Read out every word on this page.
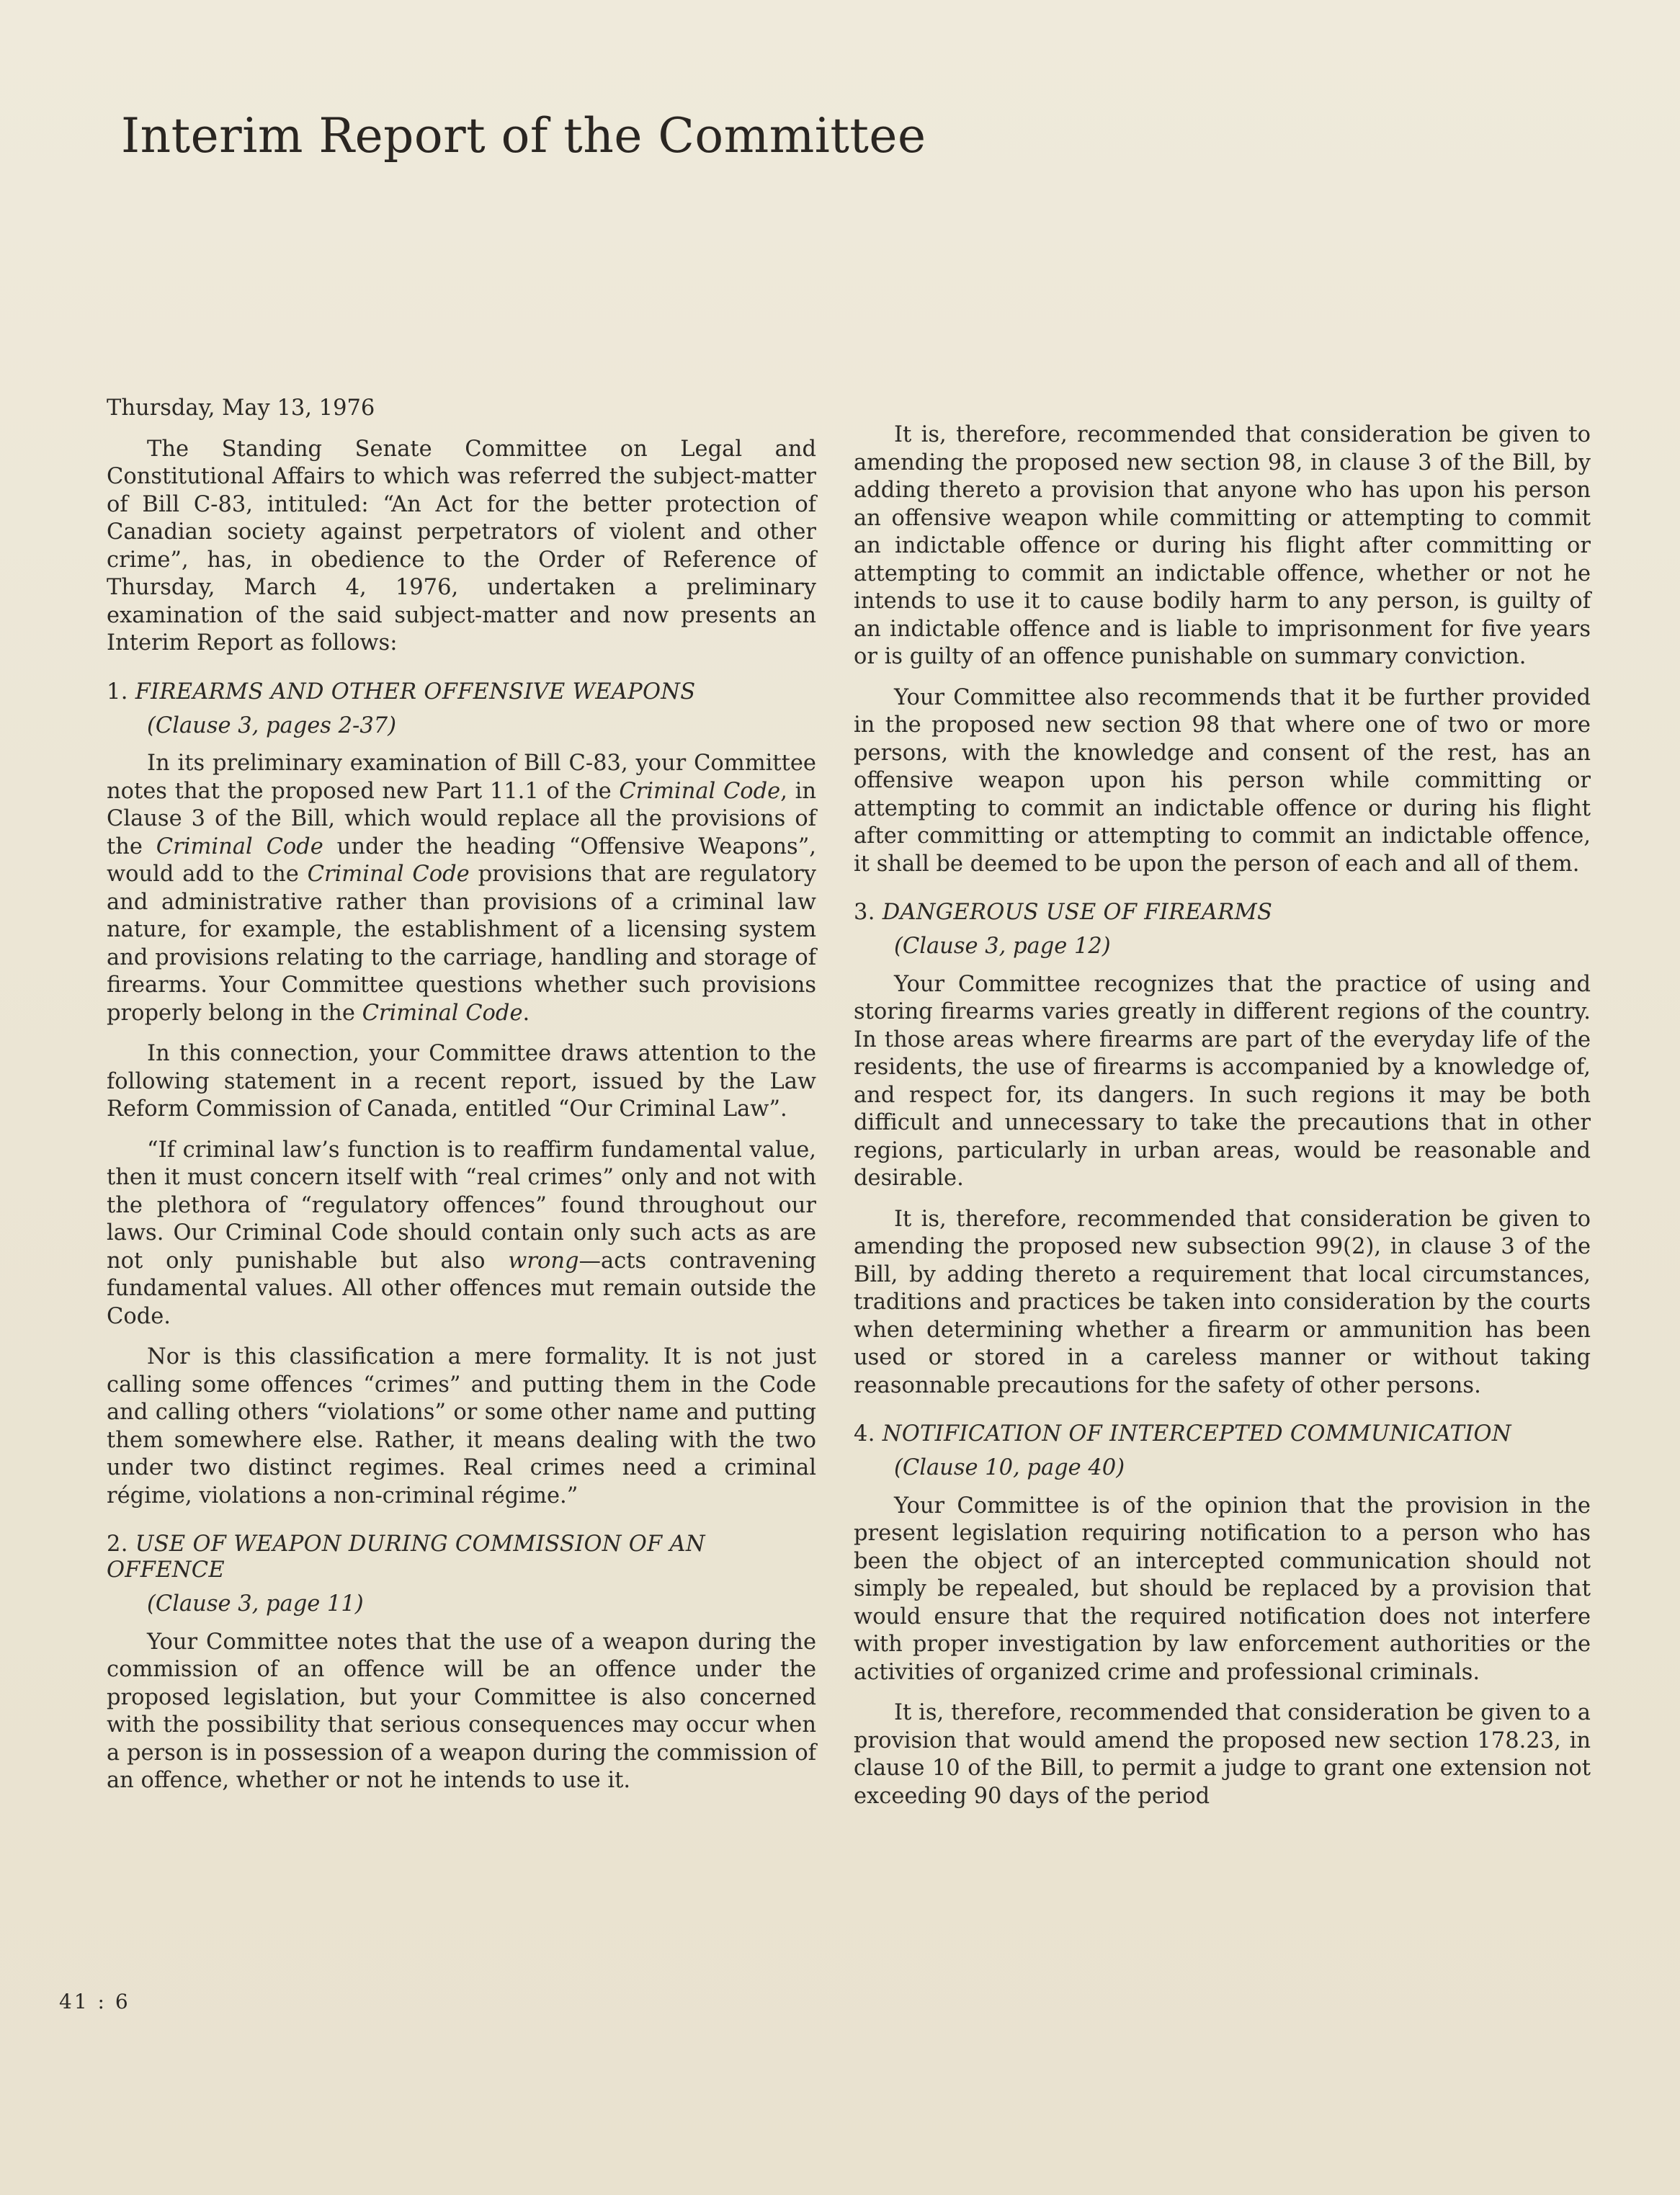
Interim Report of the Committee

Thursday, May 13, 1976

The Standing Senate Committee on Legal and Constitutional Affairs to which was referred the subject-matter of Bill C-83, intituled: “An Act for the better protection of Canadian society against perpetrators of violent and other crime”, has, in obedience to the Order of Reference of Thursday, March 4, 1976, undertaken a preliminary examination of the said subject-matter and now presents an Interim Report as follows:

1. FIREARMS AND OTHER OFFENSIVE WEAPONS
(Clause 3, pages 2-37)

In its preliminary examination of Bill C-83, your Committee notes that the proposed new Part 11.1 of the Criminal Code, in Clause 3 of the Bill, which would replace all the provisions of the Criminal Code under the heading “Offensive Weapons”, would add to the Criminal Code provisions that are regulatory and administrative rather than provisions of a criminal law nature, for example, the establishment of a licensing system and provisions relating to the carriage, handling and storage of firearms. Your Committee questions whether such provisions properly belong in the Criminal Code.

In this connection, your Committee draws attention to the following statement in a recent report, issued by the Law Reform Commission of Canada, entitled “Our Criminal Law”.

“If criminal law’s function is to reaffirm fundamental value, then it must concern itself with “real crimes” only and not with the plethora of “regulatory offences” found throughout our laws. Our Criminal Code should contain only such acts as are not only punishable but also wrong—acts contravening fundamental values. All other offences mut remain outside the Code.

Nor is this classification a mere formality. It is not just calling some offences “crimes” and putting them in the Code and calling others “violations” or some other name and putting them somewhere else. Rather, it means dealing with the two under two distinct regimes. Real crimes need a criminal régime, violations a non-criminal régime.”

2. USE OF WEAPON DURING COMMISSION OF AN OFFENCE
(Clause 3, page 11)

Your Committee notes that the use of a weapon during the commission of an offence will be an offence under the proposed legislation, but your Committee is also concerned with the possibility that serious consequences may occur when a person is in possession of a weapon during the commission of an offence, whether or not he intends to use it.

It is, therefore, recommended that consideration be given to amending the proposed new section 98, in clause 3 of the Bill, by adding thereto a provision that anyone who has upon his person an offensive weapon while committing or attempting to commit an indictable offence or during his flight after committing or attempting to commit an indictable offence, whether or not he intends to use it to cause bodily harm to any person, is guilty of an indictable offence and is liable to imprisonment for five years or is guilty of an offence punishable on summary conviction.

Your Committee also recommends that it be further provided in the proposed new section 98 that where one of two or more persons, with the knowledge and consent of the rest, has an offensive weapon upon his person while committing or attempting to commit an indictable offence or during his flight after committing or attempting to commit an indictable offence, it shall be deemed to be upon the person of each and all of them.

3. DANGEROUS USE OF FIREARMS
(Clause 3, page 12)

Your Committee recognizes that the practice of using and storing firearms varies greatly in different regions of the country. In those areas where firearms are part of the everyday life of the residents, the use of firearms is accompanied by a knowledge of, and respect for, its dangers. In such regions it may be both difficult and unnecessary to take the precautions that in other regions, particularly in urban areas, would be reasonable and desirable.

It is, therefore, recommended that consideration be given to amending the proposed new subsection 99(2), in clause 3 of the Bill, by adding thereto a requirement that local circumstances, traditions and practices be taken into consideration by the courts when determining whether a firearm or ammunition has been used or stored in a careless manner or without taking reasonnable precautions for the safety of other persons.

4. NOTIFICATION OF INTERCEPTED COMMUNICATION
(Clause 10, page 40)

Your Committee is of the opinion that the provision in the present legislation requiring notification to a person who has been the object of an intercepted communication should not simply be repealed, but should be replaced by a provision that would ensure that the required notification does not interfere with proper investigation by law enforcement authorities or the activities of organized crime and professional criminals.

It is, therefore, recommended that consideration be given to a provision that would amend the proposed new section 178.23, in clause 10 of the Bill, to permit a judge to grant one extension not exceeding 90 days of the period

41 : 6
